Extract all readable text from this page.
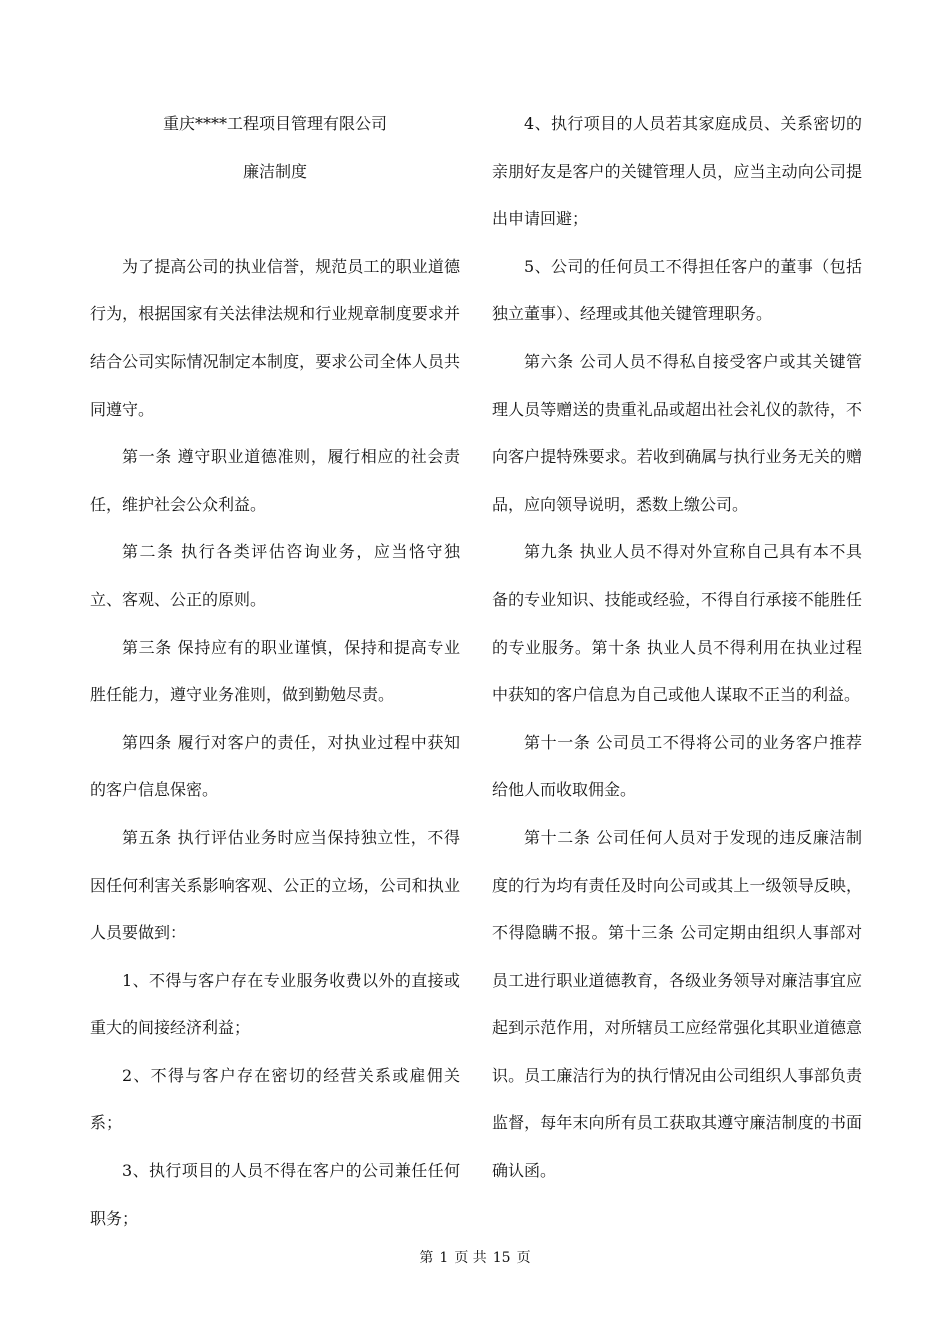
重庆****工程项目管理有限公司

廉洁制度

为了提高公司的执业信誉，规范员工的职业道德行为，根据国家有关法律法规和行业规章制度要求并结合公司实际情况制定本制度，要求公司全体人员共同遵守。

第一条 遵守职业道德准则，履行相应的社会责任，维护社会公众利益。

第二条 执行各类评估咨询业务，应当恪守独立、客观、公正的原则。

第三条 保持应有的职业谨慎，保持和提高专业胜任能力，遵守业务准则，做到勤勉尽责。

第四条 履行对客户的责任，对执业过程中获知的客户信息保密。

第五条 执行评估业务时应当保持独立性，不得因任何利害关系影响客观、公正的立场，公司和执业人员要做到：

1、不得与客户存在专业服务收费以外的直接或重大的间接经济利益；

2、不得与客户存在密切的经营关系或雇佣关系；

3、执行项目的人员不得在客户的公司兼任任何职务；

4、执行项目的人员若其家庭成员、关系密切的亲朋好友是客户的关键管理人员，应当主动向公司提出申请回避；

5、公司的任何员工不得担任客户的董事（包括独立董事）、经理或其他关键管理职务。

第六条 公司人员不得私自接受客户或其关键管理人员等赠送的贵重礼品或超出社会礼仪的款待，不向客户提特殊要求。若收到确属与执行业务无关的赠品，应向领导说明，悉数上缴公司。

第九条 执业人员不得对外宣称自己具有本不具备的专业知识、技能或经验，不得自行承接不能胜任的专业服务。第十条 执业人员不得利用在执业过程中获知的客户信息为自己或他人谋取不正当的利益。

第十一条 公司员工不得将公司的业务客户推荐给他人而收取佣金。

第十二条 公司任何人员对于发现的违反廉洁制度的行为均有责任及时向公司或其上一级领导反映，不得隐瞒不报。第十三条 公司定期由组织人事部对员工进行职业道德教育，各级业务领导对廉洁事宜应起到示范作用，对所辖员工应经常强化其职业道德意识。员工廉洁行为的执行情况由公司组织人事部负责监督，每年末向所有员工获取其遵守廉洁制度的书面确认函。

第 1 页 共 15 页
